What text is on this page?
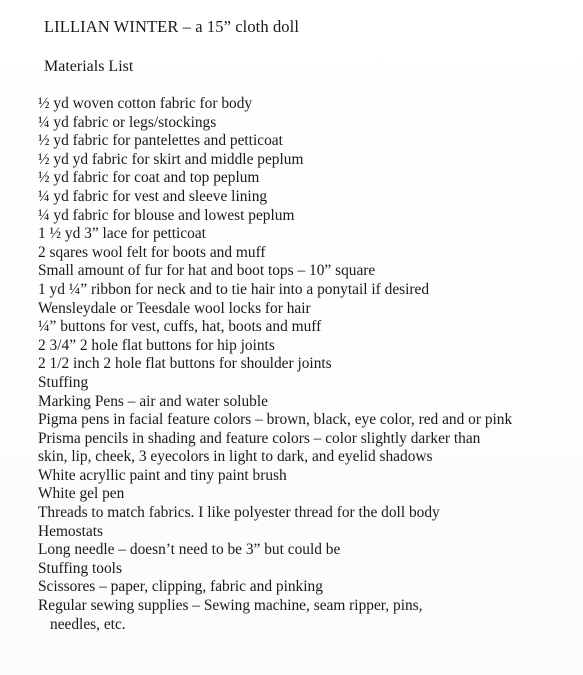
LILLIAN WINTER – a 15” cloth doll
Materials List
½ yd woven cotton fabric for body
¼ yd fabric or legs/stockings
½ yd fabric for pantelettes and petticoat
½ yd yd fabric for skirt and middle peplum
½ yd fabric for coat and top peplum
¼ yd fabric for vest and sleeve lining
¼ yd fabric for blouse and lowest peplum
1 ½ yd 3” lace for petticoat
2 sqares wool felt for boots and muff
Small amount of fur for hat and boot tops – 10” square
1 yd ¼” ribbon for neck and to tie hair into a ponytail if desired
Wensleydale or Teesdale wool locks for hair
¼” buttons for vest, cuffs, hat, boots and muff
2 3/4” 2 hole flat buttons for hip joints
2 1/2 inch 2 hole flat buttons for shoulder joints
Stuffing
Marking Pens – air and water soluble
Pigma pens in facial feature colors – brown, black, eye color, red and or pink
Prisma pencils in shading and feature colors – color slightly darker than
skin, lip, cheek, 3 eyecolors in light to dark, and eyelid shadows
White acryllic paint and tiny paint brush
White gel pen
Threads to match fabrics. I like polyester thread for the doll body
Hemostats
Long needle – doesn’t need to be 3” but could be
Stuffing tools
Scissores – paper, clipping, fabric and pinking
Regular sewing supplies – Sewing machine, seam ripper, pins,
needles, etc.
